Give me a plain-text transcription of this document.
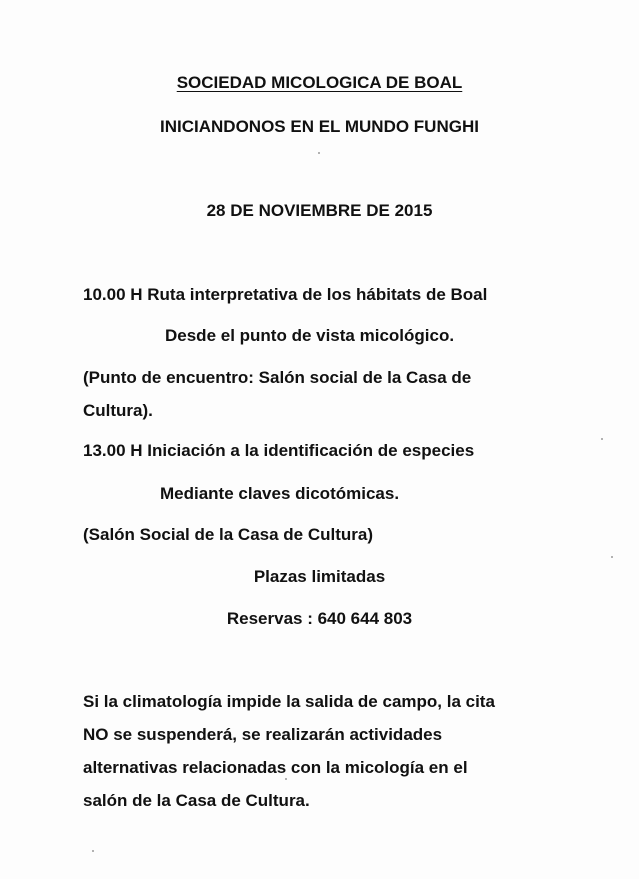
SOCIEDAD MICOLOGICA DE BOAL
INICIANDONOS EN EL MUNDO FUNGHI
28 DE NOVIEMBRE DE 2015
10.00 H Ruta interpretativa de los hábitats de Boal
Desde el punto de vista micológico.
(Punto de encuentro: Salón social de la Casa de
Cultura).
13.00 H Iniciación a la identificación de especies
Mediante claves dicotómicas.
(Salón Social de la Casa de Cultura)
Plazas limitadas
Reservas : 640 644 803
Si la climatología impide la salida de campo, la cita
NO se suspenderá, se realizarán actividades
alternativas relacionadas con la micología en el
salón de la Casa de Cultura.
